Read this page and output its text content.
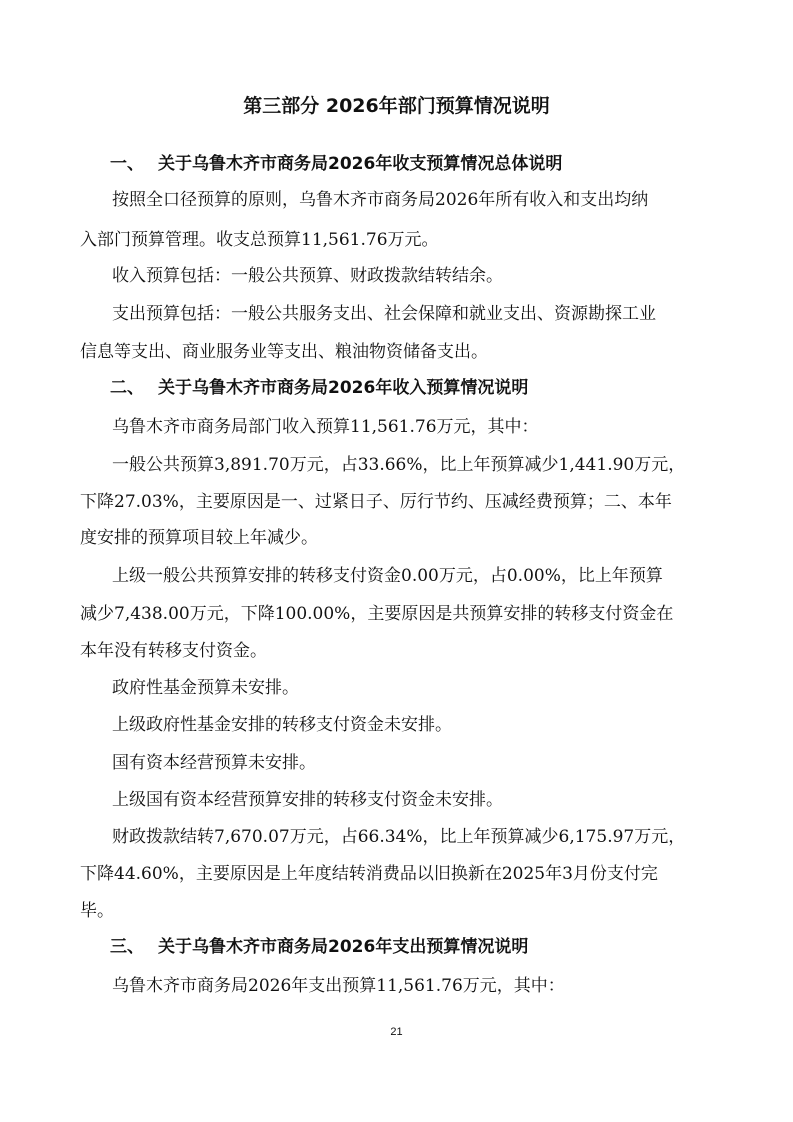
第三部分 2026年部门预算情况说明
一、 关于乌鲁木齐市商务局2026年收支预算情况总体说明
按照全口径预算的原则，乌鲁木齐市商务局2026年所有收入和支出均纳
入部门预算管理。收支总预算11,561.76万元。
收入预算包括：一般公共预算、财政拨款结转结余。
支出预算包括：一般公共服务支出、社会保障和就业支出、资源勘探工业
信息等支出、商业服务业等支出、粮油物资储备支出。
二、 关于乌鲁木齐市商务局2026年收入预算情况说明
乌鲁木齐市商务局部门收入预算11,561.76万元，其中：
一般公共预算3,891.70万元，占33.66%，比上年预算减少1,441.90万元，
下降27.03%，主要原因是一、过紧日子、厉行节约、压减经费预算；二、本年
度安排的预算项目较上年减少。
上级一般公共预算安排的转移支付资金0.00万元，占0.00%，比上年预算
减少7,438.00万元，下降100.00%，主要原因是共预算安排的转移支付资金在
本年没有转移支付资金。
政府性基金预算未安排。
上级政府性基金安排的转移支付资金未安排。
国有资本经营预算未安排。
上级国有资本经营预算安排的转移支付资金未安排。
财政拨款结转7,670.07万元，占66.34%，比上年预算减少6,175.97万元，
下降44.60%，主要原因是上年度结转消费品以旧换新在2025年3月份支付完
毕。
三、 关于乌鲁木齐市商务局2026年支出预算情况说明
乌鲁木齐市商务局2026年支出预算11,561.76万元，其中：
21
